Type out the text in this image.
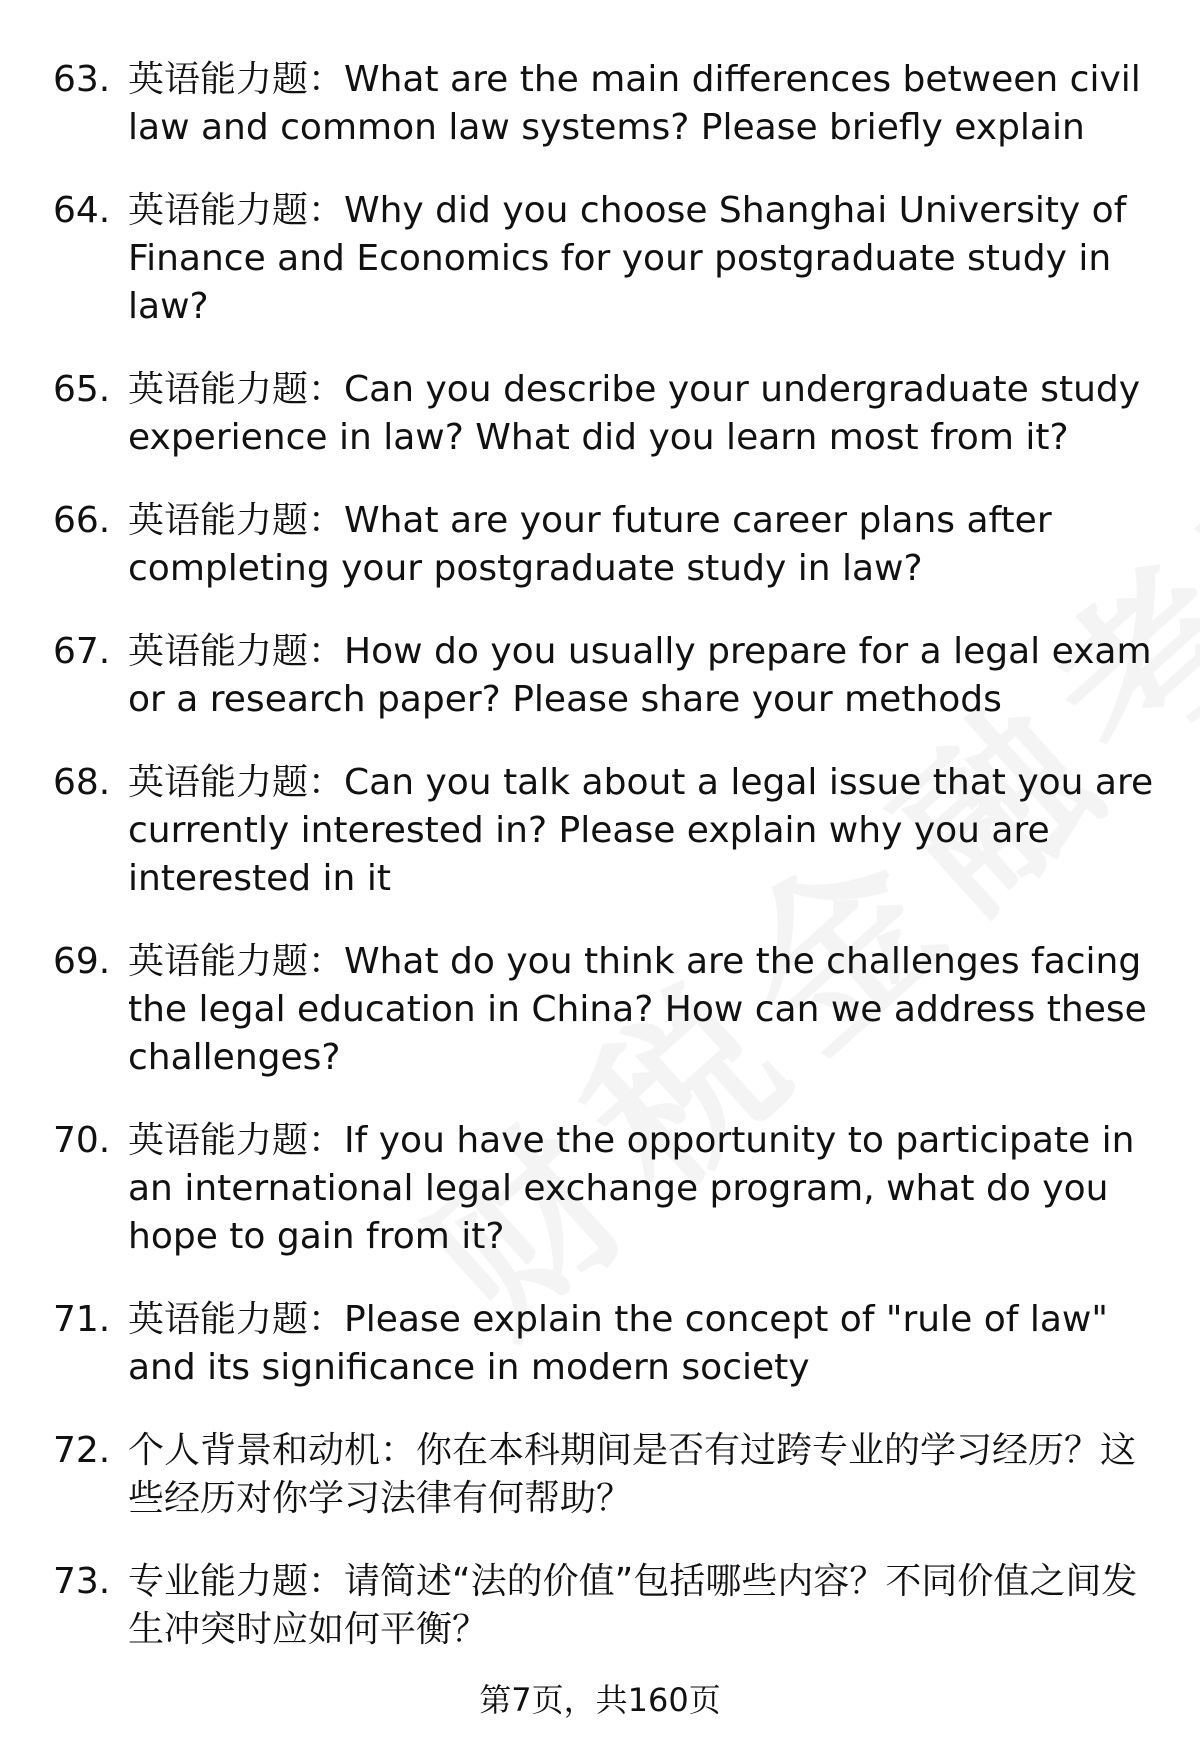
63. 英语能力题：What are the main differences between civil law and common law systems? Please briefly explain
64. 英语能力题：Why did you choose Shanghai University of Finance and Economics for your postgraduate study in law?
65. 英语能力题：Can you describe your undergraduate study experience in law? What did you learn most from it?
66. 英语能力题：What are your future career plans after completing your postgraduate study in law?
67. 英语能力题：How do you usually prepare for a legal exam or a research paper? Please share your methods
68. 英语能力题：Can you talk about a legal issue that you are currently interested in? Please explain why you are interested in it
69. 英语能力题：What do you think are the challenges facing the legal education in China? How can we address these challenges?
70. 英语能力题：If you have the opportunity to participate in an international legal exchange program, what do you hope to gain from it?
71. 英语能力题：Please explain the concept of "rule of law" and its significance in modern society
72. 个人背景和动机：你在本科期间是否有过跨专业的学习经历？这些经历对你学习法律有何帮助？
73. 专业能力题：请简述“法的价值”包括哪些内容？不同价值之间发生冲突时应如何平衡？
第7页，共160页
